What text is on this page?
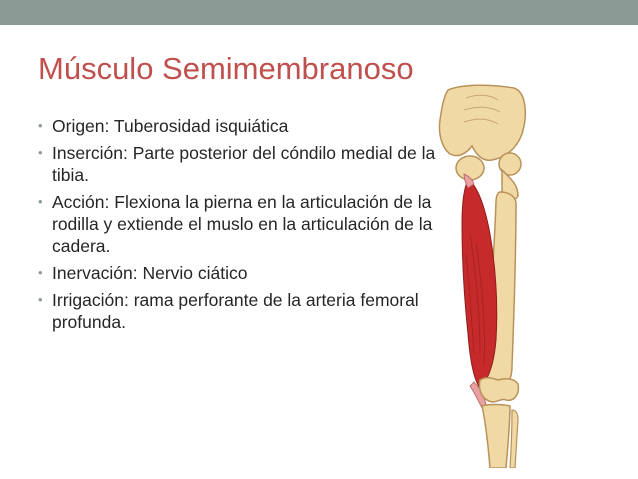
Músculo Semimembranoso
• Origen: Tuberosidad isquiática
• Inserción: Parte posterior del cóndilo medial de la tibia.
• Acción: Flexiona la pierna en la articulación de la rodilla y extiende el muslo en la articulación de la cadera.
• Inervación: Nervio ciático
• Irrigación: rama perforante de la arteria femoral profunda.
